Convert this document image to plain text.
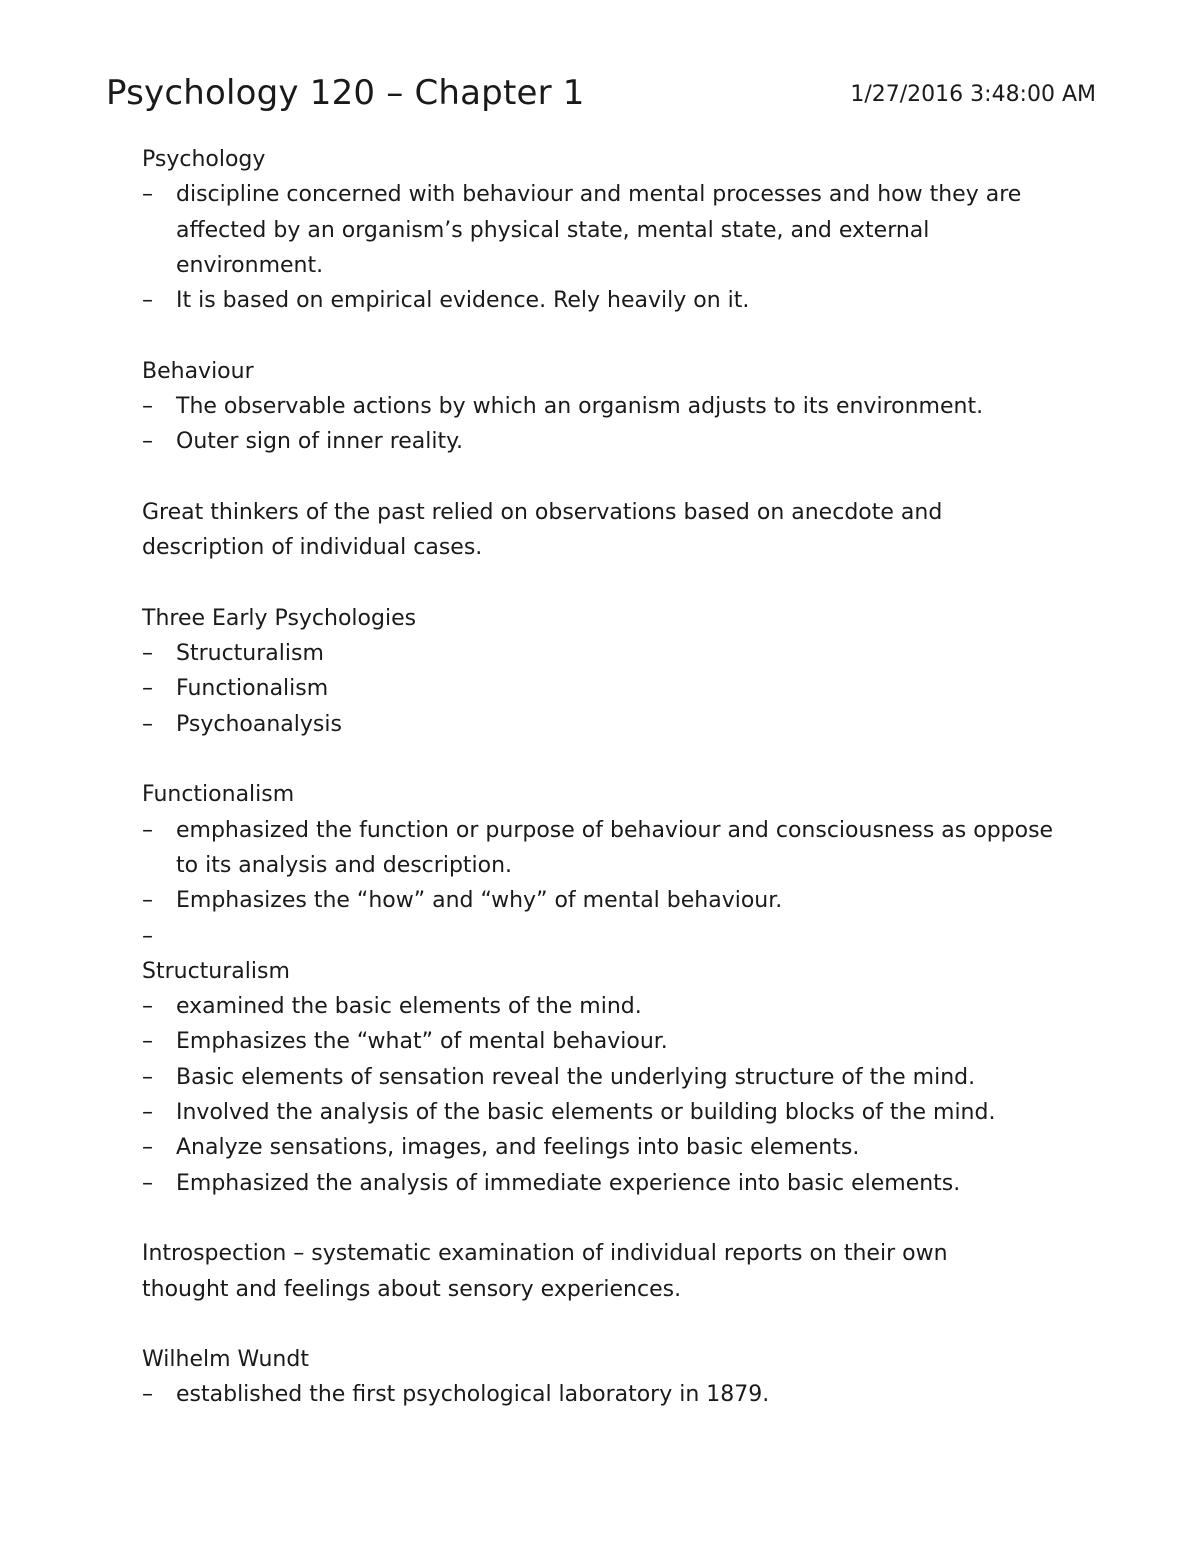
Psychology 120 – Chapter 1	1/27/2016 3:48:00 AM

Psychology

– discipline concerned with behaviour and mental processes and how they are affected by an organism’s physical state, mental state, and external environment.
– It is based on empirical evidence. Rely heavily on it.

Behaviour

– The observable actions by which an organism adjusts to its environment.
– Outer sign of inner reality.

Great thinkers of the past relied on observations based on anecdote and

description of individual cases.

Three Early Psychologies

– Structuralism
– Functionalism
– Psychoanalysis

Functionalism

– emphasized the function or purpose of behaviour and consciousness as oppose to its analysis and description.
– Emphasizes the “how” and “why” of mental behaviour.
–

Structuralism

– examined the basic elements of the mind.
– Emphasizes the “what” of mental behaviour.
– Basic elements of sensation reveal the underlying structure of the mind.
– Involved the analysis of the basic elements or building blocks of the mind.
– Analyze sensations, images, and feelings into basic elements.
– Emphasized the analysis of immediate experience into basic elements.

Introspection – systematic examination of individual reports on their own

thought and feelings about sensory experiences.

Wilhelm Wundt

– established the first psychological laboratory in 1879.
